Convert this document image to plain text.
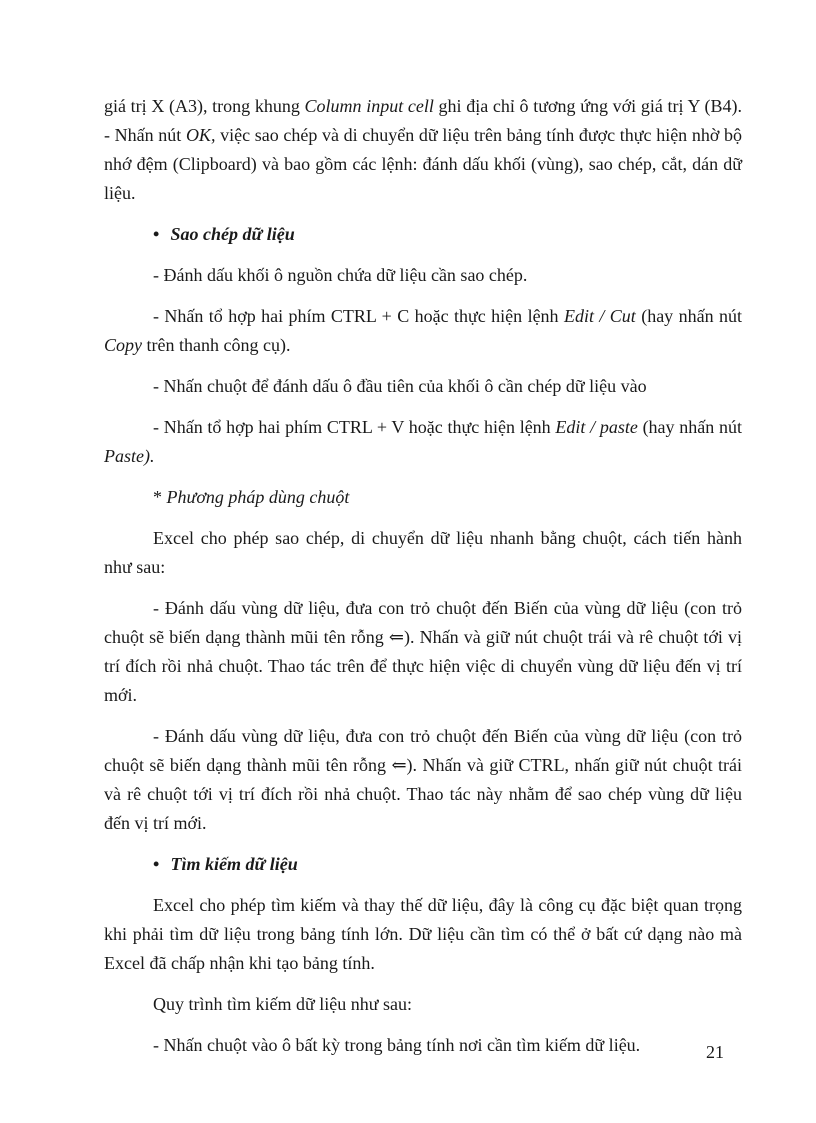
giá trị X (A3), trong khung Column input cell ghi địa chỉ ô tương ứng với giá trị Y (B4). - Nhấn nút OK, việc sao chép và di chuyển dữ liệu trên bảng tính được thực hiện nhờ bộ nhớ đệm (Clipboard) và bao gồm các lệnh: đánh dấu khối (vùng), sao chép, cắt, dán dữ liệu.

• Sao chép dữ liệu

- Đánh dấu khối ô nguồn chứa dữ liệu cần sao chép.

- Nhấn tổ hợp hai phím CTRL + C hoặc thực hiện lệnh Edit / Cut (hay nhấn nút Copy trên thanh công cụ).

- Nhấn chuột để đánh dấu ô đầu tiên của khối ô cần chép dữ liệu vào

- Nhấn tổ hợp hai phím CTRL + V hoặc thực hiện lệnh Edit / paste (hay nhấn nút Paste).

* Phương pháp dùng chuột

Excel cho phép sao chép, di chuyển dữ liệu nhanh bằng chuột, cách tiến hành như sau:

- Đánh dấu vùng dữ liệu, đưa con trỏ chuột đến Biến của vùng dữ liệu (con trỏ chuột sẽ biến dạng thành mũi tên rỗng ⇐). Nhấn và giữ nút chuột trái và rê chuột tới vị trí đích rồi nhả chuột. Thao tác trên để thực hiện việc di chuyển vùng dữ liệu đến vị trí mới.

- Đánh dấu vùng dữ liệu, đưa con trỏ chuột đến Biến của vùng dữ liệu (con trỏ chuột sẽ biến dạng thành mũi tên rỗng ⇐). Nhấn và giữ CTRL, nhấn giữ nút chuột trái và rê chuột tới vị trí đích rồi nhả chuột. Thao tác này nhằm để sao chép vùng dữ liệu đến vị trí mới.

• Tìm kiếm dữ liệu

Excel cho phép tìm kiếm và thay thế dữ liệu, đây là công cụ đặc biệt quan trọng khi phải tìm dữ liệu trong bảng tính lớn. Dữ liệu cần tìm có thể ở bất cứ dạng nào mà Excel đã chấp nhận khi tạo bảng tính.

Quy trình tìm kiếm dữ liệu như sau:

- Nhấn chuột vào ô bất kỳ trong bảng tính nơi cần tìm kiếm dữ liệu.	21
